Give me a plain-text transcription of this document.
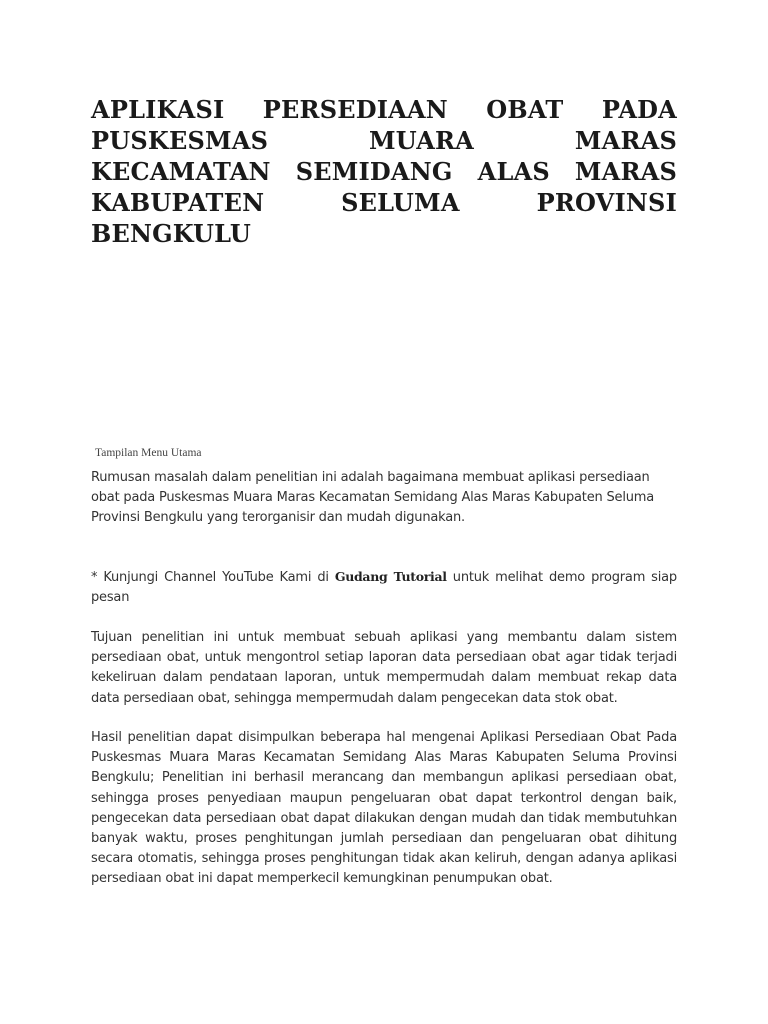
APLIKASI PERSEDIAAN OBAT PADA PUSKESMAS MUARA MARAS KECAMATAN SEMIDANG ALAS MARAS KABUPATEN SELUMA PROVINSI BENGKULU

Tampilan Menu Utama

Rumusan masalah dalam penelitian ini adalah bagaimana membuat aplikasi persediaan obat pada Puskesmas Muara Maras Kecamatan Semidang Alas Maras Kabupaten Seluma Provinsi Bengkulu yang terorganisir dan mudah digunakan.

* Kunjungi Channel YouTube Kami di Gudang Tutorial untuk melihat demo program siap pesan

Tujuan penelitian ini untuk membuat sebuah aplikasi yang membantu dalam sistem persediaan obat, untuk mengontrol setiap laporan data persediaan obat agar tidak terjadi kekeliruan dalam pendataan laporan, untuk mempermudah dalam membuat rekap data data persediaan obat, sehingga mempermudah dalam pengecekan data stok obat.

Hasil penelitian dapat disimpulkan beberapa hal mengenai Aplikasi Persediaan Obat Pada Puskesmas Muara Maras Kecamatan Semidang Alas Maras Kabupaten Seluma Provinsi Bengkulu; Penelitian ini berhasil merancang dan membangun aplikasi persediaan obat, sehingga proses penyediaan maupun pengeluaran obat dapat terkontrol dengan baik, pengecekan data persediaan obat dapat dilakukan dengan mudah dan tidak membutuhkan banyak waktu, proses penghitungan jumlah persediaan dan pengeluaran obat dihitung secara otomatis, sehingga proses penghitungan tidak akan keliruh, dengan adanya aplikasi persediaan obat ini dapat memperkecil kemungkinan penumpukan obat.
